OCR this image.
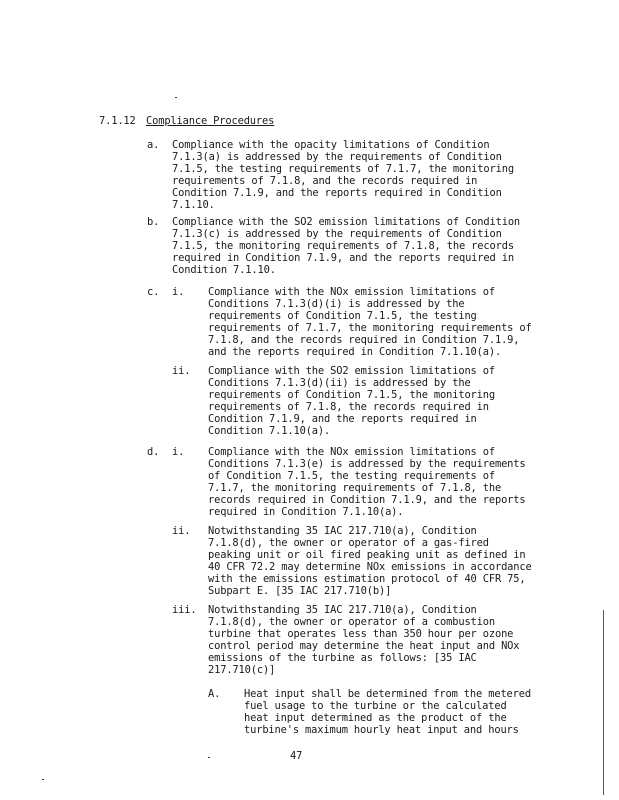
7.1.12 Compliance Procedures
a. Compliance with the opacity limitations of Condition
7.1.3(a) is addressed by the requirements of Condition
7.1.5, the testing requirements of 7.1.7, the monitoring
requirements of 7.1.8, and the records required in
Condition 7.1.9, and the reports required in Condition
7.1.10.
b. Compliance with the SO2 emission limitations of Condition
7.1.3(c) is addressed by the requirements of Condition
7.1.5, the monitoring requirements of 7.1.8, the records
required in Condition 7.1.9, and the reports required in
Condition 7.1.10.
c. i. Compliance with the NOx emission limitations of
Conditions 7.1.3(d)(i) is addressed by the
requirements of Condition 7.1.5, the testing
requirements of 7.1.7, the monitoring requirements of
7.1.8, and the records required in Condition 7.1.9,
and the reports required in Condition 7.1.10(a).
ii. Compliance with the SO2 emission limitations of
Conditions 7.1.3(d)(ii) is addressed by the
requirements of Condition 7.1.5, the monitoring
requirements of 7.1.8, the records required in
Condition 7.1.9, and the reports required in
Condition 7.1.10(a).
d. i. Compliance with the NOx emission limitations of
Conditions 7.1.3(e) is addressed by the requirements
of Condition 7.1.5, the testing requirements of
7.1.7, the monitoring requirements of 7.1.8, the
records required in Condition 7.1.9, and the reports
required in Condition 7.1.10(a).
ii. Notwithstanding 35 IAC 217.710(a), Condition
7.1.8(d), the owner or operator of a gas-fired
peaking unit or oil fired peaking unit as defined in
40 CFR 72.2 may determine NOx emissions in accordance
with the emissions estimation protocol of 40 CFR 75,
Subpart E. [35 IAC 217.710(b)]
iii. Notwithstanding 35 IAC 217.710(a), Condition
7.1.8(d), the owner or operator of a combustion
turbine that operates less than 350 hour per ozone
control period may determine the heat input and NOx
emissions of the turbine as follows: [35 IAC
217.710(c)]
A. Heat input shall be determined from the metered
fuel usage to the turbine or the calculated
heat input determined as the product of the
turbine's maximum hourly heat input and hours
47
